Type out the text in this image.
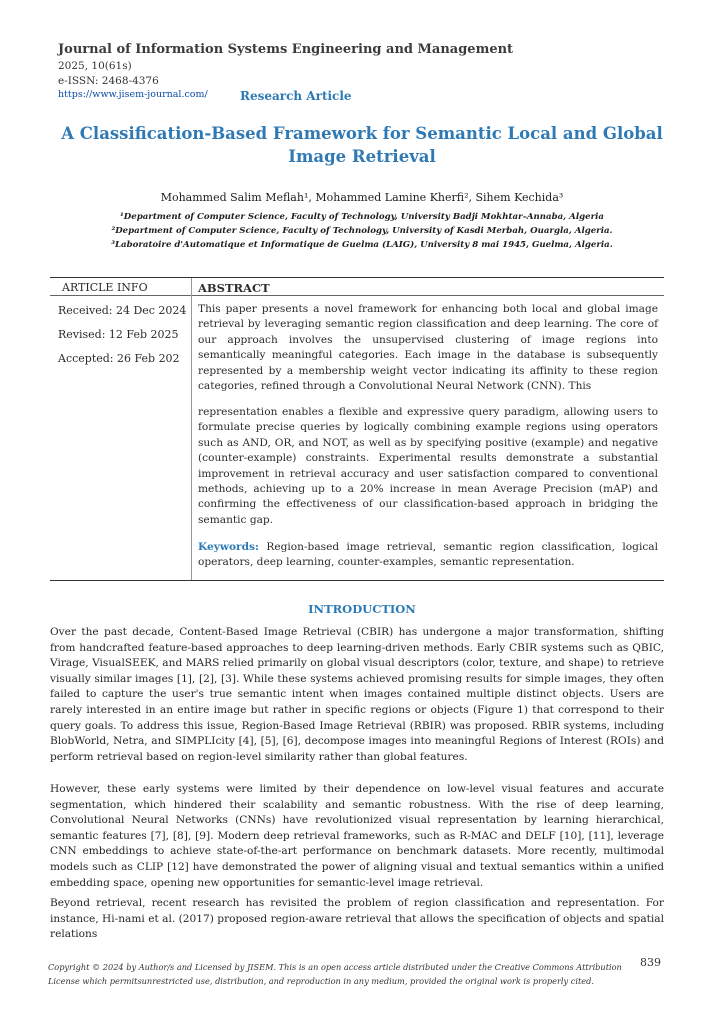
Journal of Information Systems Engineering and Management
2025, 10(61s)
e-ISSN: 2468-4376
https://www.jisem-journal.com/	Research Article
A Classification-Based Framework for Semantic Local and Global Image Retrieval
Mohammed Salim Meflah¹, Mohammed Lamine Kherfi², Sihem Kechida³
¹Department of Computer Science, Faculty of Technology, University Badji Mokhtar–Annaba, Algeria
²Department of Computer Science, Faculty of Technology, University of Kasdi Merbah, Ouargla, Algeria.
³Laboratoire d'Automatique et Informatique de Guelma (LAIG), University 8 mai 1945, Guelma, Algeria.
ARTICLE INFO	ABSTRACT
Received: 24 Dec 2024
Revised: 12 Feb 2025
Accepted: 26 Feb 202

This paper presents a novel framework for enhancing both local and global image retrieval by leveraging semantic region classification and deep learning. The core of our approach involves the unsupervised clustering of image regions into semantically meaningful categories. Each image in the database is subsequently represented by a membership weight vector indicating its affinity to these region categories, refined through a Convolutional Neural Network (CNN). This

representation enables a flexible and expressive query paradigm, allowing users to formulate precise queries by logically combining example regions using operators such as AND, OR, and NOT, as well as by specifying positive (example) and negative (counter-example) constraints. Experimental results demonstrate a substantial improvement in retrieval accuracy and user satisfaction compared to conventional methods, achieving up to a 20% increase in mean Average Precision (mAP) and confirming the effectiveness of our classification-based approach in bridging the semantic gap.

Keywords: Region-based image retrieval, semantic region classification, logical operators, deep learning, counter-examples, semantic representation.

INTRODUCTION

Over the past decade, Content-Based Image Retrieval (CBIR) has undergone a major transformation, shifting from handcrafted feature-based approaches to deep learning-driven methods. Early CBIR systems such as QBIC, Virage, VisualSEEK, and MARS relied primarily on global visual descriptors (color, texture, and shape) to retrieve visually similar images [1], [2], [3]. While these systems achieved promising results for simple images, they often failed to capture the user's true semantic intent when images contained multiple distinct objects. Users are rarely interested in an entire image but rather in specific regions or objects (Figure 1) that correspond to their query goals. To address this issue, Region-Based Image Retrieval (RBIR) was proposed. RBIR systems, including BlobWorld, Netra, and SIMPLIcity [4], [5], [6], decompose images into meaningful Regions of Interest (ROIs) and perform retrieval based on region-level similarity rather than global features.

However, these early systems were limited by their dependence on low-level visual features and accurate segmentation, which hindered their scalability and semantic robustness. With the rise of deep learning, Convolutional Neural Networks (CNNs) have revolutionized visual representation by learning hierarchical, semantic features [7], [8], [9]. Modern deep retrieval frameworks, such as R-MAC and DELF [10], [11], leverage CNN embeddings to achieve state-of-the-art performance on benchmark datasets. More recently, multimodal models such as CLIP [12] have demonstrated the power of aligning visual and textual semantics within a unified embedding space, opening new opportunities for semantic-level image retrieval.

Beyond retrieval, recent research has revisited the problem of region classification and representation. For instance, Hi-nami et al. (2017) proposed region-aware retrieval that allows the specification of objects and spatial relations

Copyright © 2024 by Author/s and Licensed by JISEM. This is an open access article distributed under the Creative Commons Attribution License which permitsunrestricted use, distribution, and reproduction in any medium, provided the original work is properly cited.
839
